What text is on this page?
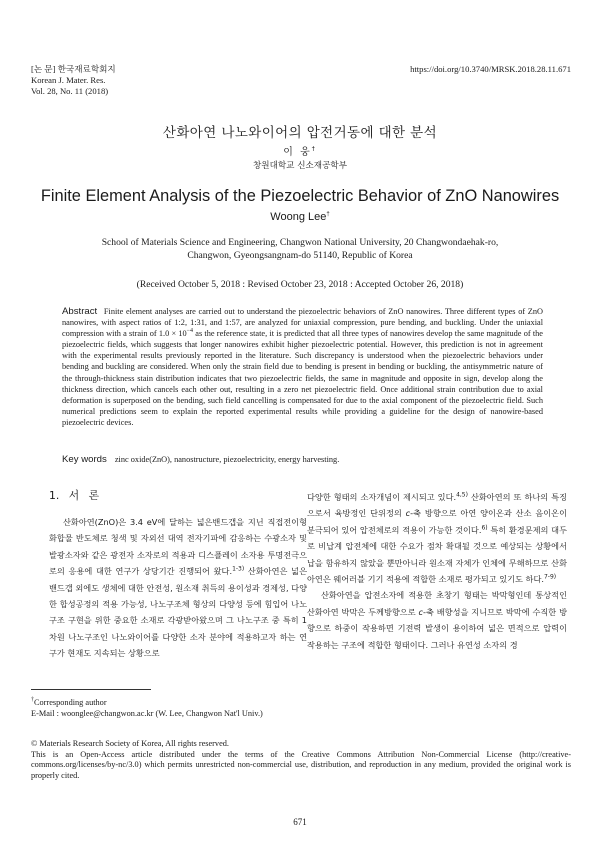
[논 문] 한국재료학회지
Korean J. Mater. Res.
Vol. 28, No. 11 (2018)
https://doi.org/10.3740/MRSK.2018.28.11.671
산화아연 나노와이어의 압전거동에 대한 분석
이 웅†
창원대학교 신소재공학부
Finite Element Analysis of the Piezoelectric Behavior of ZnO Nanowires
Woong Lee†
School of Materials Science and Engineering, Changwon National University, 20 Changwondaehak-ro,
Changwon, Gyeongsangnam-do 51140, Republic of Korea
(Received October 5, 2018 : Revised October 23, 2018 : Accepted October 26, 2018)
Abstract Finite element analyses are carried out to understand the piezoelectric behaviors of ZnO nanowires. Three different types of ZnO nanowires, with aspect ratios of 1:2, 1:31, and 1:57, are analyzed for uniaxial compression, pure bending, and buckling. Under the uniaxial compression with a strain of $1.0 \times 10^{-4}$ as the reference state, it is predicted that all three types of nanowires develop the same magnitude of the piezoelectric fields, which suggests that longer nanowires exhibit higher piezoelectric potential. However, this prediction is not in agreement with the experimental results previously reported in the literature. Such discrepancy is understood when the piezoelectric behaviors under bending and buckling are considered. When only the strain field due to bending is present in bending or buckling, the antisymmetric nature of the through-thickness stain distribution indicates that two piezoelectric fields, the same in magnitude and opposite in sign, develop along the thickness direction, which cancels each other out, resulting in a zero net piezoelectric field. Once additional strain contribution due to axial deformation is superposed on the bending, such field cancelling is compensated for due to the axial component of the piezoelectric field. Such numerical predictions seem to explain the reported experimental results while providing a guideline for the design of nanowire-based piezoelectric devices.
Key words zinc oxide(ZnO), nanostructure, piezoelectricity, energy harvesting.
1. 서 론

산화아연(ZnO)은 3.4 eV에 달하는 넓은밴드갭을 지닌 직접전이형 화합물 반도체로 청색 및 자외선 대역 전자기파에 감응하는 수광소자 및 발광소자와 같은 광전자 소자로의 적용과 디스플레이 소자용 투명전극으로의 응용에 대한 연구가 상당기간 진행되어 왔다.$^{1-3)}$ 산화아연은 넓은 밴드갭 외에도 생체에 대한 안전성, 원소재 취득의 용이성과 경제성, 다양한 합성공정의 적용 가능성, 나노구조체 형상의 다양성 등에 힘입어 나노구조 구현을 위한 중요한 소재로 각광받아왔으며 그 나노구조 중 특히 1차원 나노구조인 나노와이어를 다양한 소자 분야에 적용하고자 하는 연구가 현재도 지속되는 상황으로

다양한 형태의 소자개념이 제시되고 있다.$^{4,5)}$ 산화아연의 또 하나의 특징으로서 육방정인 단위정의 c-축 방향으로 아연 양이온과 산소 음이온이 분극되어 있어 압전체로의 적용이 가능한 것이다.$^{6)}$ 특히 환경문제의 대두로 비납계 압전체에 대한 수요가 점차 확대될 것으로 예상되는 상황에서 납을 함유하지 않았을 뿐만아니라 원소재 자체가 인체에 무해하므로 산화아연은 웨어러블 기기 적용에 적합한 소재로 평가되고 있기도 하다.$^{7-9)}$

산화아연을 압전소자에 적용한 초창기 형태는 박막형인데 통상적인 산화아연 박막은 두께방향으로 c-축 배향성을 지니므로 박막에 수직한 방향으로 하중이 작용하면 기전력 발생이 용이하여 넓은 면적으로 압력이 작용하는 구조에 적합한 형태이다. 그러나 유연성 소자의 경

†Corresponding author
E-Mail : woonglee@changwon.ac.kr (W. Lee, Changwon Nat'l Univ.)
© Materials Research Society of Korea, All rights reserved.
This is an Open-Access article distributed under the terms of the Creative Commons Attribution Non-Commercial License (http://creative-commons.org/licenses/by-nc/3.0) which permits unrestricted non-commercial use, distribution, and reproduction in any medium, provided the original work is properly cited.
671
